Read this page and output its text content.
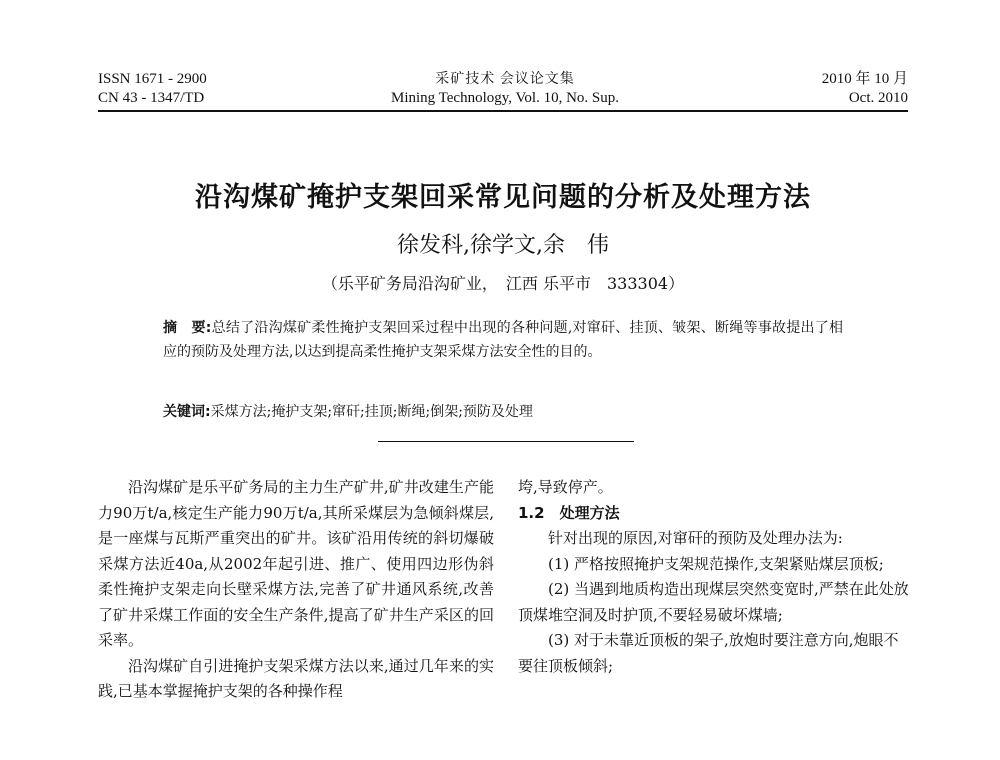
ISSN 1671 - 2900
CN 43 - 1347/TD
采矿技术 会议论文集
Mining Technology, Vol. 10, No. Sup.
2010 年 10 月
Oct. 2010
沿沟煤矿掩护支架回采常见问题的分析及处理方法
徐发科,徐学文,余　伟
（乐平矿务局沿沟矿业，　江西 乐平市　333304）
摘　要:总结了沿沟煤矿柔性掩护支架回采过程中出现的各种问题,对窜矸、挂顶、皱架、断绳等事故提出了相应的预防及处理方法,以达到提高柔性掩护支架采煤方法安全性的目的。
关键词:采煤方法;掩护支架;窜矸;挂顶;断绳;倒架;预防及处理

沿沟煤矿是乐平矿务局的主力生产矿井,矿井改建生产能力90万t/a,核定生产能力90万t/a,其所采煤层为急倾斜煤层,是一座煤与瓦斯严重突出的矿井。该矿沿用传统的斜切爆破采煤方法近40a,从2002年起引进、推广、使用四边形伪斜柔性掩护支架走向长壁采煤方法,完善了矿井通风系统,改善了矿井采煤工作面的安全生产条件,提高了矿井生产采区的回采率。

沿沟煤矿自引进掩护支架采煤方法以来,通过几年来的实践,已基本掌握掩护支架的各种操作程

垮,导致停产。

1.2　处理方法

针对出现的原因,对窜矸的预防及处理办法为:

(1) 严格按照掩护支架规范操作,支架紧贴煤层顶板;

(2) 当遇到地质构造出现煤层突然变宽时,严禁在此处放顶煤堆空洞及时护顶,不要轻易破坏煤墙;

(3) 对于未靠近顶板的架子,放炮时要注意方向,炮眼不要往顶板倾斜;
